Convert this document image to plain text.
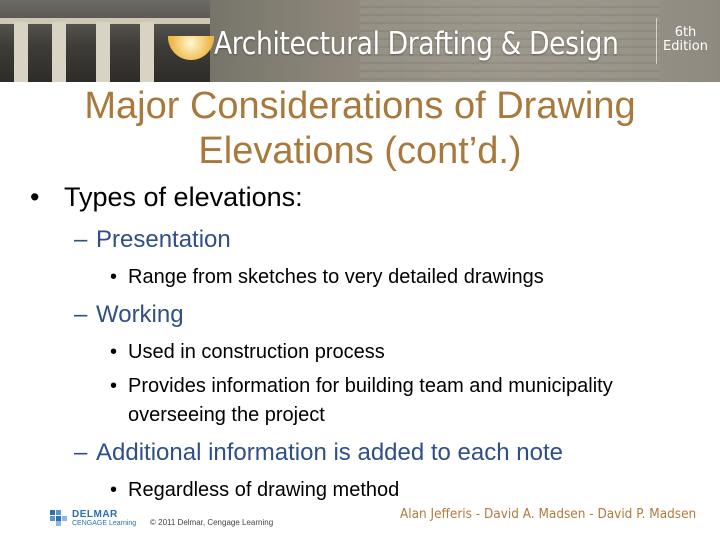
Architectural Drafting & Design	6th
Edition
Major Considerations of Drawing Elevations (cont’d.)
• Types of elevations:
– Presentation
• Range from sketches to very detailed drawings
– Working
• Used in construction process
• Provides information for building team and municipality overseeing the project
– Additional information is added to each note
• Regardless of drawing method
DELMAR
CENGAGE Learning © 2011 Delmar, Cengage Learning
Alan Jefferis - David A. Madsen - David P. Madsen
